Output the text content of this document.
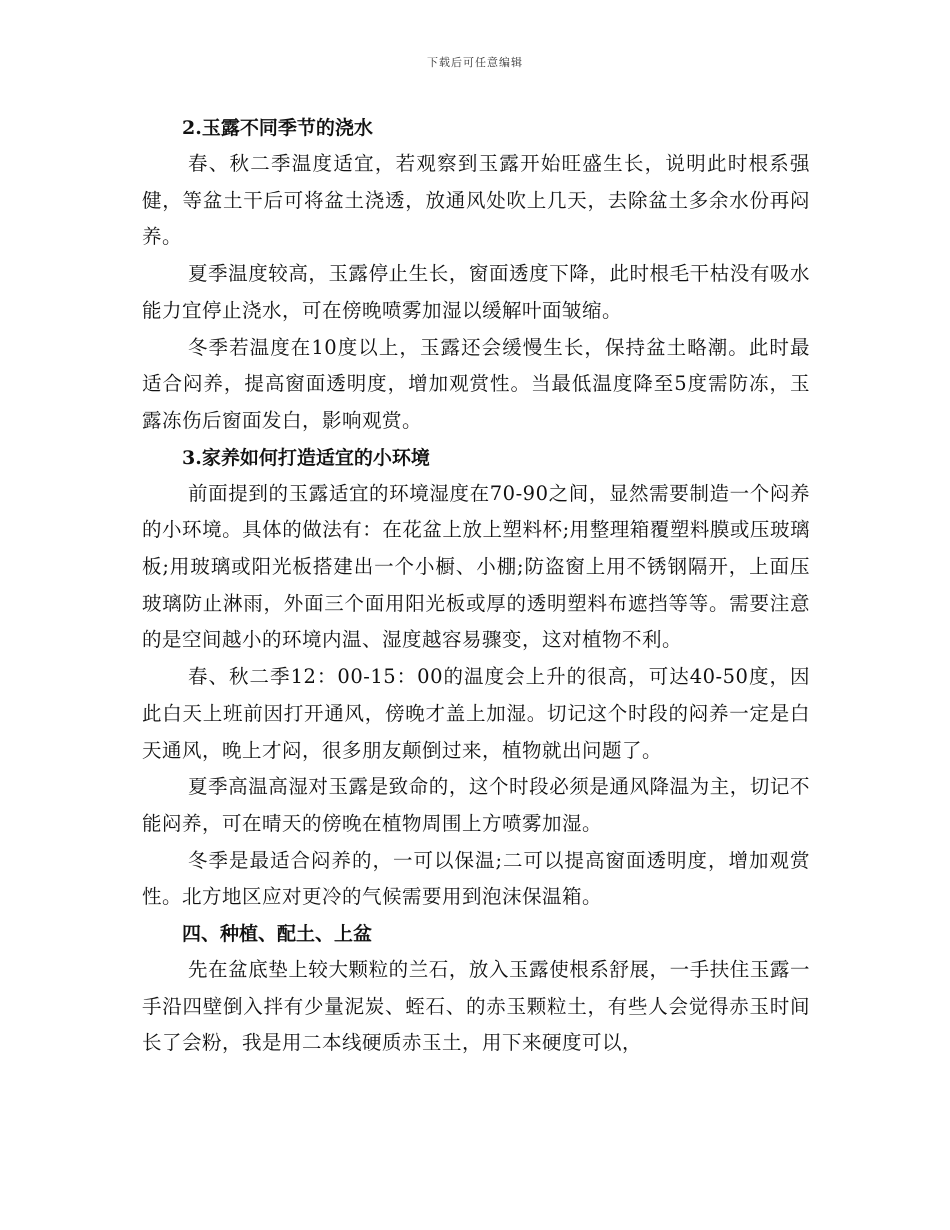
下载后可任意编辑
2.玉露不同季节的浇水

春、秋二季温度适宜，若观察到玉露开始旺盛生长，说明此时根系强健，等盆土干后可将盆土浇透，放通风处吹上几天，去除盆土多余水份再闷养。

夏季温度较高，玉露停止生长，窗面透度下降，此时根毛干枯没有吸水能力宜停止浇水，可在傍晚喷雾加湿以缓解叶面皱缩。

冬季若温度在10度以上，玉露还会缓慢生长，保持盆土略潮。此时最适合闷养，提高窗面透明度，增加观赏性。当最低温度降至5度需防冻，玉露冻伤后窗面发白，影响观赏。

3.家养如何打造适宜的小环境

前面提到的玉露适宜的环境湿度在70-90之间，显然需要制造一个闷养的小环境。具体的做法有：在花盆上放上塑料杯;用整理箱覆塑料膜或压玻璃板;用玻璃或阳光板搭建出一个小橱、小棚;防盗窗上用不锈钢隔开，上面压玻璃防止淋雨，外面三个面用阳光板或厚的透明塑料布遮挡等等。需要注意的是空间越小的环境内温、湿度越容易骤变，这对植物不利。

春、秋二季12：00-15：00的温度会上升的很高，可达40-50度，因此白天上班前因打开通风，傍晚才盖上加湿。切记这个时段的闷养一定是白天通风，晚上才闷，很多朋友颠倒过来，植物就出问题了。

夏季高温高湿对玉露是致命的，这个时段必须是通风降温为主，切记不能闷养，可在晴天的傍晚在植物周围上方喷雾加湿。

冬季是最适合闷养的，一可以保温;二可以提高窗面透明度，增加观赏性。北方地区应对更冷的气候需要用到泡沫保温箱。

四、种植、配土、上盆

先在盆底垫上较大颗粒的兰石，放入玉露使根系舒展，一手扶住玉露一手沿四壁倒入拌有少量泥炭、蛭石、的赤玉颗粒土，有些人会觉得赤玉时间长了会粉，我是用二本线硬质赤玉土，用下来硬度可以，
